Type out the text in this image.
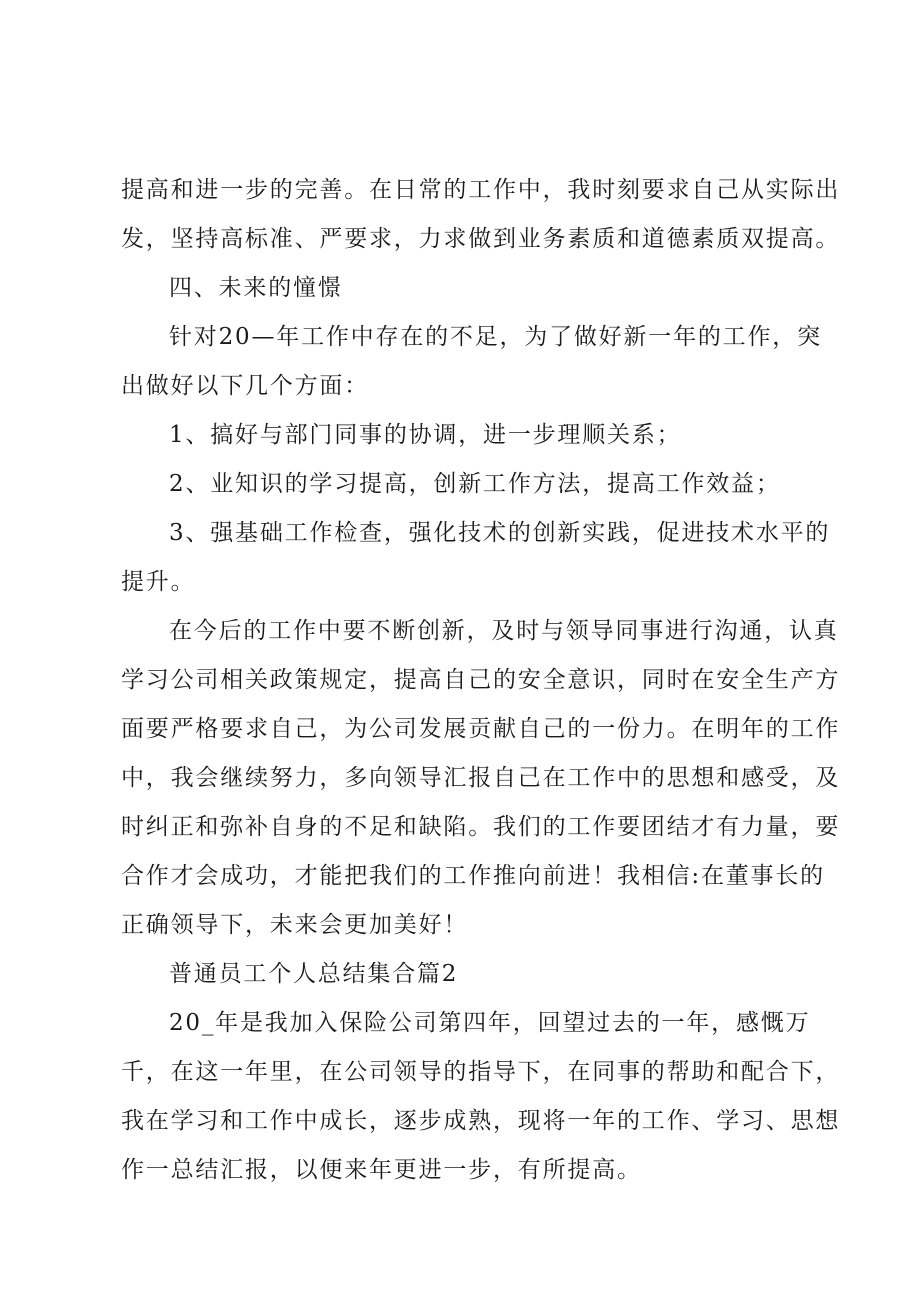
提高和进一步的完善。在日常的工作中，我时刻要求自己从实际出发，坚持高标准、严要求，力求做到业务素质和道德素质双提高。

四、未来的憧憬

针对20—年工作中存在的不足，为了做好新一年的工作，突出做好以下几个方面：

1、搞好与部门同事的协调，进一步理顺关系；

2、业知识的学习提高，创新工作方法，提高工作效益；

3、强基础工作检查，强化技术的创新实践，促进技术水平的提升。

在今后的工作中要不断创新，及时与领导同事进行沟通，认真学习公司相关政策规定，提高自己的安全意识，同时在安全生产方面要严格要求自己，为公司发展贡献自己的一份力。在明年的工作中，我会继续努力，多向领导汇报自己在工作中的思想和感受，及时纠正和弥补自身的不足和缺陷。我们的工作要团结才有力量，要合作才会成功，才能把我们的工作推向前进！我相信:在董事长的正确领导下，未来会更加美好！

普通员工个人总结集合篇2

20_年是我加入保险公司第四年，回望过去的一年，感慨万千，在这一年里，在公司领导的指导下，在同事的帮助和配合下，我在学习和工作中成长，逐步成熟，现将一年的工作、学习、思想作一总结汇报，以便来年更进一步，有所提高。
